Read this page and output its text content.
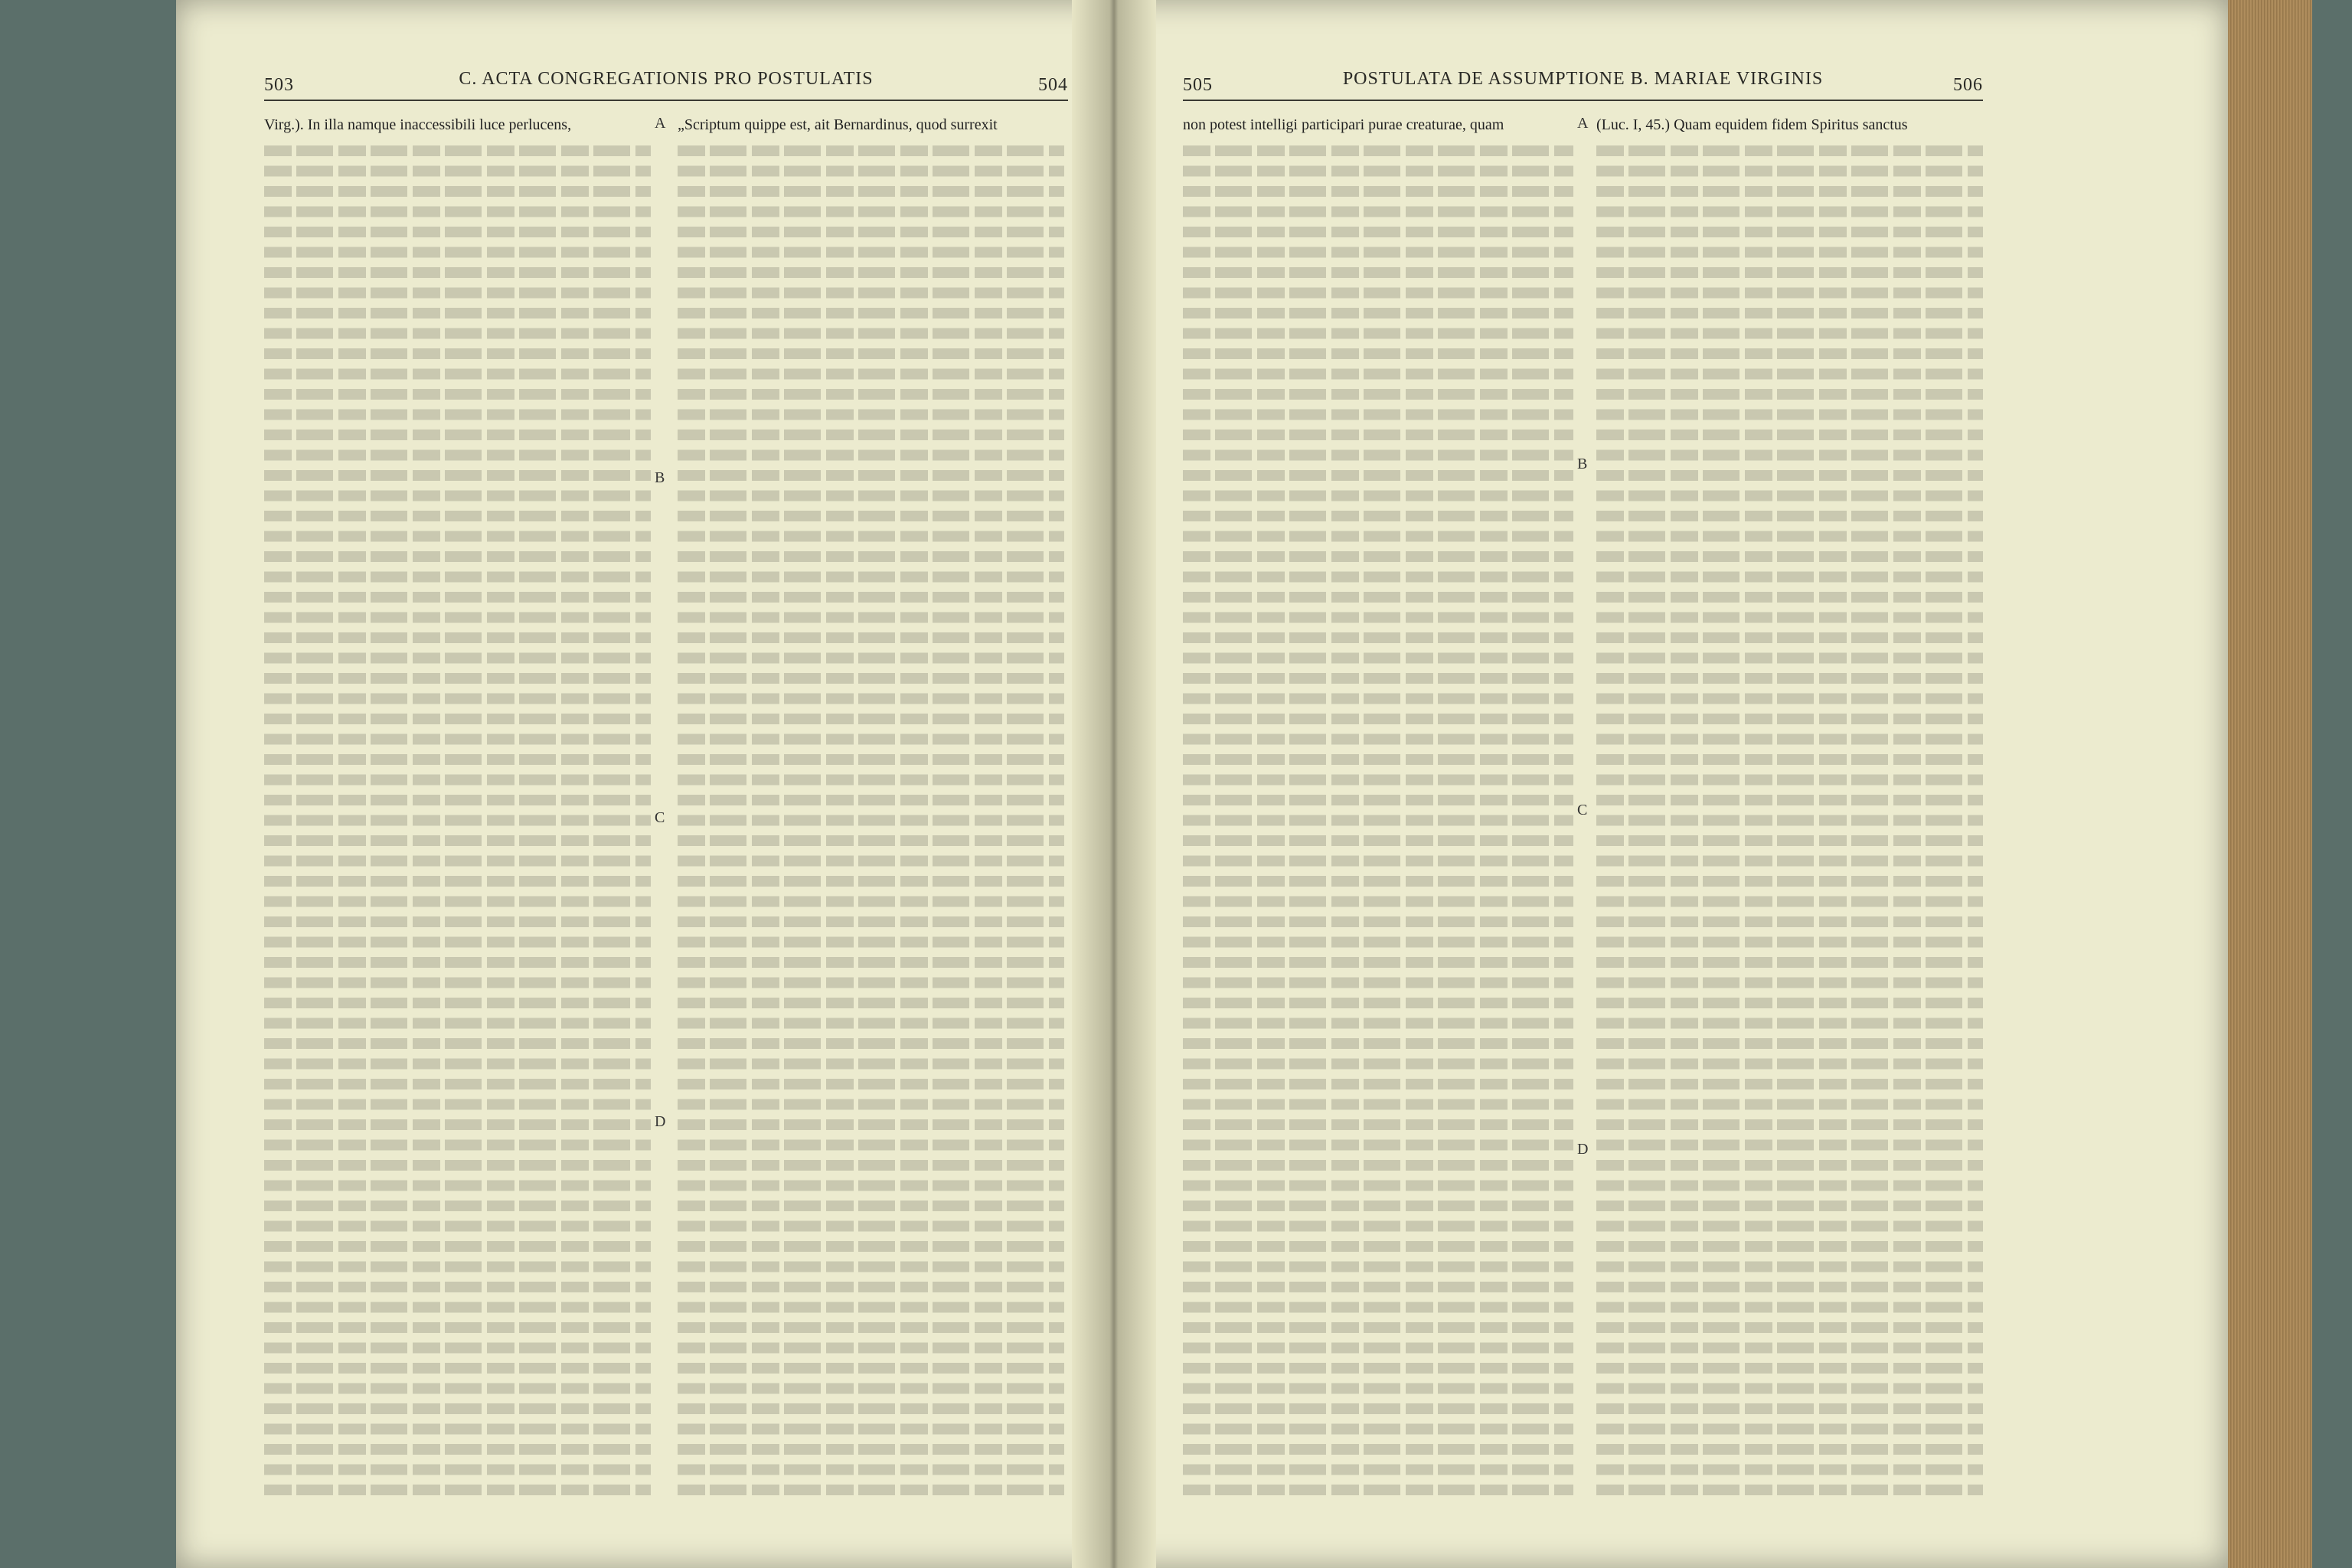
503	C. ACTA CONGREGATIONIS PRO POSTULATIS	504
Virg.). In illa namque inaccessibili luce perlucens,	A
B
C
D
„Scriptum quippe est, ait Bernardinus, quod surrexit
505	POSTULATA DE ASSUMPTIONE B. MARIAE VIRGINIS	506
non potest intelligi participari purae creaturae, quam	A
B
C
D
(Luc. I, 45.) Quam equidem fidem Spiritus sanctus
